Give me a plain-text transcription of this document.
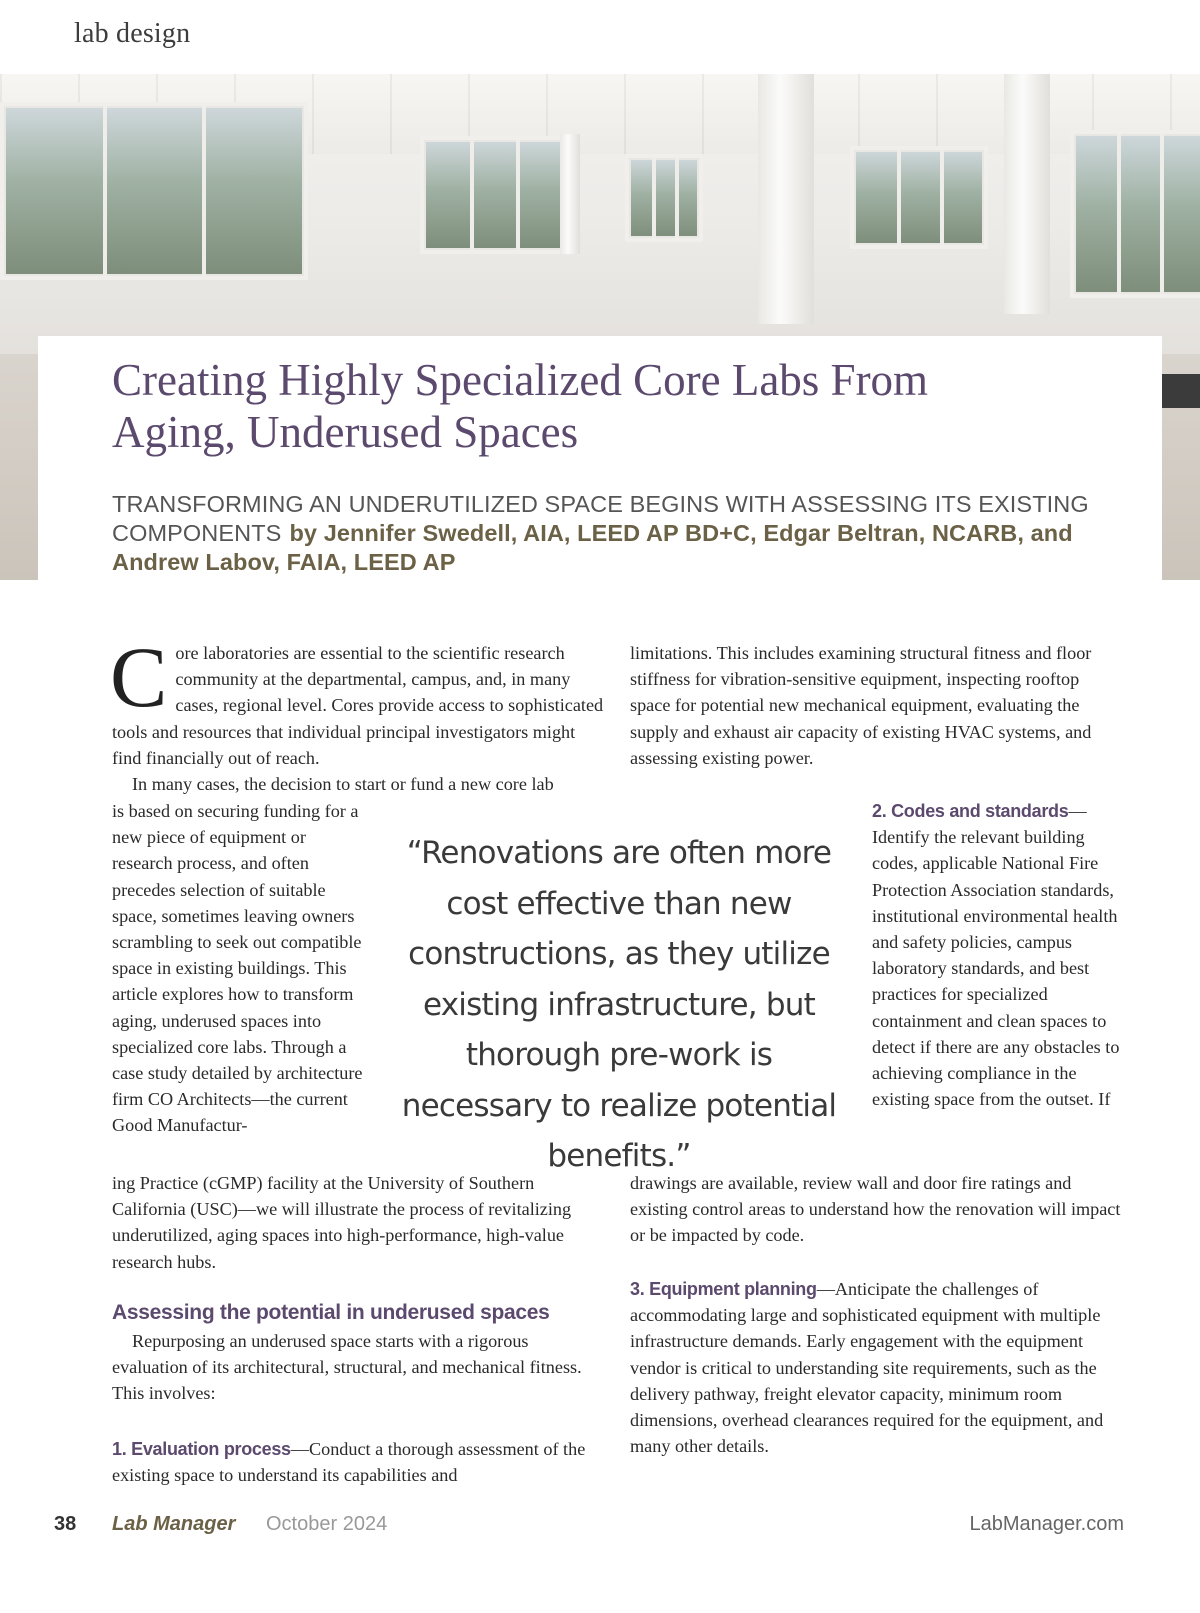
lab design
Creating Highly Specialized Core Labs From Aging, Underused Spaces

TRANSFORMING AN UNDERUTILIZED SPACE BEGINS WITH ASSESSING ITS EXISTING COMPONENTS by Jennifer Swedell, AIA, LEED AP BD+C, Edgar Beltran, NCARB, and Andrew Labov, FAIA, LEED AP

Core laboratories are essential to the scientific research community at the departmental, campus, and, in many cases, regional level. Cores provide access to sophisticated tools and resources that individual principal investigators might find financially out of reach.

In many cases, the decision to start or fund a new core lab

is based on securing funding for a new piece of equipment or research process, and often precedes selection of suitable space, sometimes leaving owners scrambling to seek out compatible space in existing buildings. This article explores how to transform aging, underused spaces into specialized core labs. Through a case study detailed by architecture firm CO Architects—the current Good Manufactur-
ing Practice (cGMP) facility at the University of Southern California (USC)—we will illustrate the process of revitalizing underutilized, aging spaces into high-performance, high-value research hubs.
Assessing the potential in underused spaces

Repurposing an underused space starts with a rigorous evaluation of its architectural, structural, and mechanical fitness. This involves:

1. Evaluation process—Conduct a thorough assessment of the existing space to understand its capabilities and

limitations. This includes examining structural fitness and floor stiffness for vibration-sensitive equipment, inspecting rooftop space for potential new mechanical equipment, evaluating the supply and exhaust air capacity of existing HVAC systems, and assessing existing power.

2. Codes and standards—Identify the relevant building codes, applicable National Fire Protection Association standards, institutional environmental health and safety policies, campus laboratory standards, and best practices for specialized containment and clean spaces to detect if there are any obstacles to achieving compliance in the existing space from the outset. If

drawings are available, review wall and door fire ratings and existing control areas to understand how the renovation will impact or be impacted by code.

3. Equipment planning—Anticipate the challenges of accommodating large and sophisticated equipment with multiple infrastructure demands. Early engagement with the equipment vendor is critical to understanding site requirements, such as the delivery pathway, freight elevator capacity, minimum room dimensions, overhead clearances required for the equipment, and many other details.

“Renovations are often more cost effective than new constructions, as they utilize existing infrastructure, but thorough pre-work is necessary to realize potential benefits.”

38 Lab Manager October 2024	LabManager.com
